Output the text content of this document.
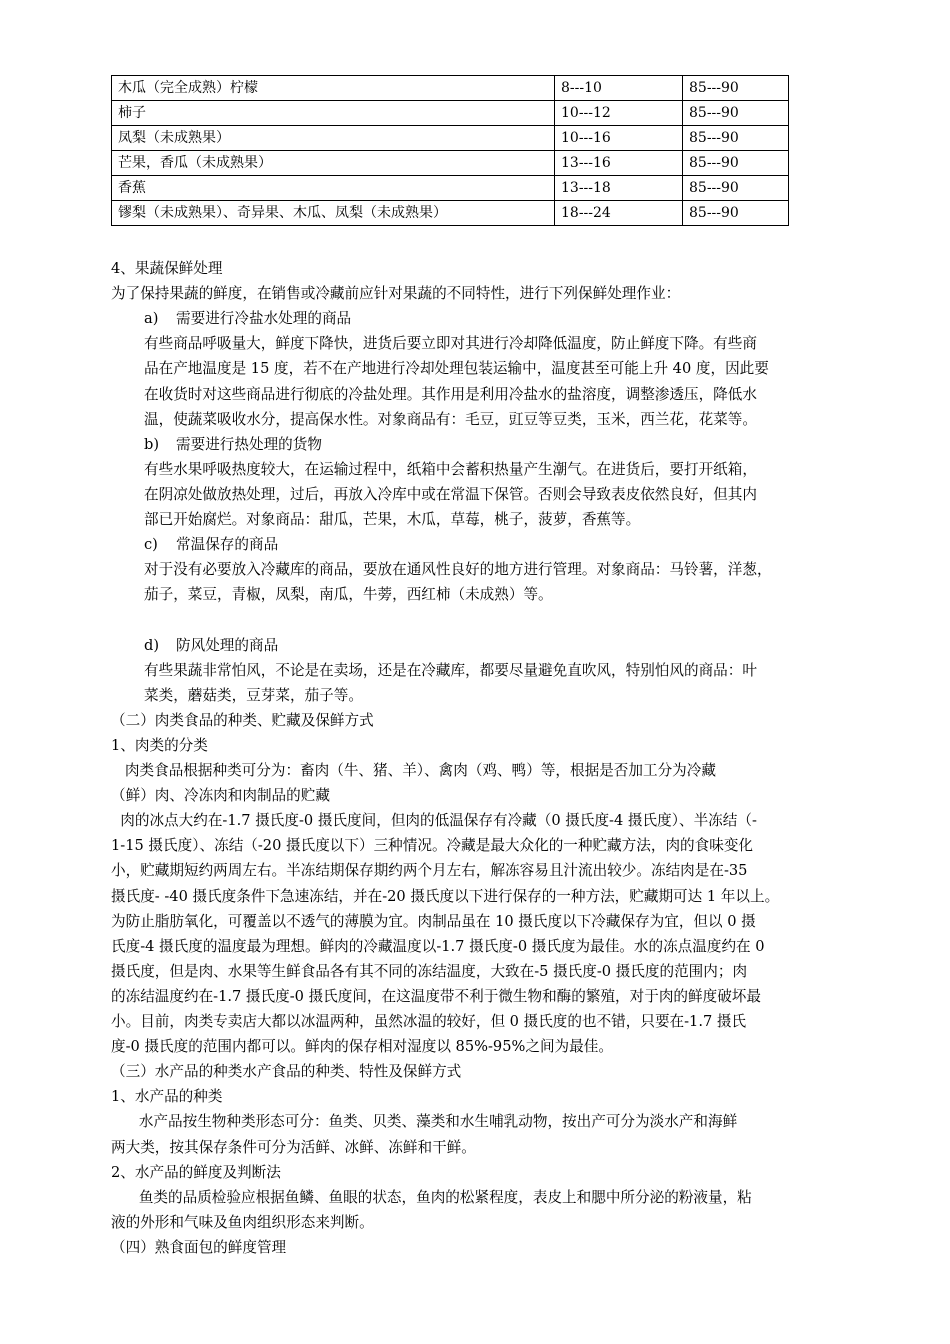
木瓜（完全成熟）柠檬	8---10	85---90
柿子	10---12	85---90
凤梨（未成熟果）	10---16	85---90
芒果，香瓜（未成熟果）	13---16	85---90
香蕉	13---18	85---90
镠梨（未成熟果）、奇异果、木瓜、凤梨（未成熟果）	18---24	85---90
4、果蔬保鲜处理
为了保持果蔬的鲜度，在销售或冷藏前应针对果蔬的不同特性，进行下列保鲜处理作业：
a) 需要进行冷盐水处理的商品
有些商品呼吸量大，鲜度下降快，进货后要立即对其进行冷却降低温度，防止鲜度下降。有些商
品在产地温度是 15 度，若不在产地进行冷却处理包装运输中，温度甚至可能上升 40 度，因此要
在收货时对这些商品进行彻底的冷盐处理。其作用是利用冷盐水的盐溶度，调整渗透压，降低水
温，使蔬菜吸收水分，提高保水性。对象商品有：毛豆，豇豆等豆类，玉米，西兰花，花菜等。
b) 需要进行热处理的货物
有些水果呼吸热度较大，在运输过程中，纸箱中会蓄积热量产生潮气。在进货后，要打开纸箱，
在阴凉处做放热处理，过后，再放入冷库中或在常温下保管。否则会导致表皮依然良好，但其内
部已开始腐烂。对象商品：甜瓜，芒果，木瓜，草莓，桃子，菠萝，香蕉等。
c) 常温保存的商品
对于没有必要放入冷藏库的商品，要放在通风性良好的地方进行管理。对象商品：马铃薯，洋葱，
茄子，菜豆，青椒，凤梨，南瓜，牛蒡，西红柿（未成熟）等。
d) 防风处理的商品
有些果蔬非常怕风，不论是在卖场，还是在冷藏库，都要尽量避免直吹风，特别怕风的商品：叶
菜类，蘑菇类，豆芽菜，茄子等。
（二）肉类食品的种类、贮藏及保鲜方式
1、肉类的分类
肉类食品根据种类可分为：畜肉（牛、猪、羊）、禽肉（鸡、鸭）等，根据是否加工分为冷藏
（鲜）肉、冷冻肉和肉制品的贮藏
肉的冰点大约在-1.7 摄氏度-0 摄氏度间，但肉的低温保存有冷藏（0 摄氏度-4 摄氏度）、半冻结（-
1-15 摄氏度）、冻结（-20 摄氏度以下）三种情况。冷藏是最大众化的一种贮藏方法，肉的食味变化
小，贮藏期短约两周左右。半冻结期保存期约两个月左右，解冻容易且汁流出较少。冻结肉是在-35
摄氏度- -40 摄氏度条件下急速冻结，并在-20 摄氏度以下进行保存的一种方法，贮藏期可达 1 年以上。
为防止脂肪氧化，可覆盖以不透气的薄膜为宜。肉制品虽在 10 摄氏度以下冷藏保存为宜，但以 0 摄
氏度-4 摄氏度的温度最为理想。鲜肉的冷藏温度以-1.7 摄氏度-0 摄氏度为最佳。水的冻点温度约在 0
摄氏度，但是肉、水果等生鲜食品各有其不同的冻结温度，大致在-5 摄氏度-0 摄氏度的范围内；肉
的冻结温度约在-1.7 摄氏度-0 摄氏度间，在这温度带不利于微生物和酶的繁殖，对于肉的鲜度破坏最
小。目前，肉类专卖店大都以冰温两种，虽然冰温的较好，但 0 摄氏度的也不错，只要在-1.7 摄氏
度-0 摄氏度的范围内都可以。鲜肉的保存相对湿度以 85%-95%之间为最佳。
（三）水产品的种类水产食品的种类、特性及保鲜方式
1、水产品的种类
水产品按生物种类形态可分：鱼类、贝类、藻类和水生哺乳动物，按出产可分为淡水产和海鲜
两大类，按其保存条件可分为活鲜、冰鲜、冻鲜和干鲜。
2、水产品的鲜度及判断法
鱼类的品质检验应根据鱼鳞、鱼眼的状态，鱼肉的松紧程度，表皮上和腮中所分泌的粉液量，粘
液的外形和气味及鱼肉组织形态来判断。
（四）熟食面包的鲜度管理
